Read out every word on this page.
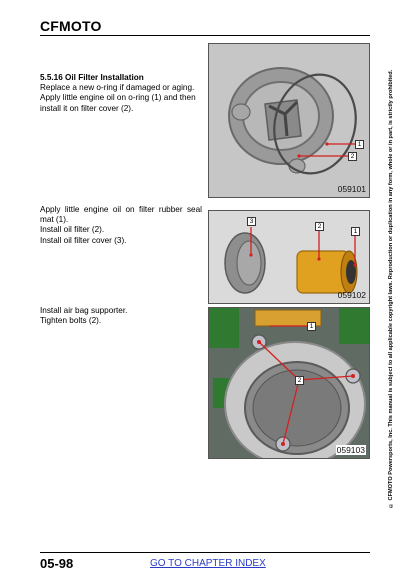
CFMOTO
5.5.16 Oil Filter Installation
Replace a new o-ring if damaged or aging.
Apply little engine oil on o-ring (1) and then install it on filter cover (2).
1
2
059101
Apply little engine oil on filter rubber seal mat (1).
Install oil filter (2).
Install oil filter cover (3).
3
2
1
059102
Install air bag supporter.
Tighten bolts (2).
1
2
059103	© CFMOTO Powersports, Inc. This manual is subject to all applicable copyright laws. Reproduction or duplication in any form, whole or in part, is strictly prohibited.
05-98	GO TO CHAPTER INDEX
